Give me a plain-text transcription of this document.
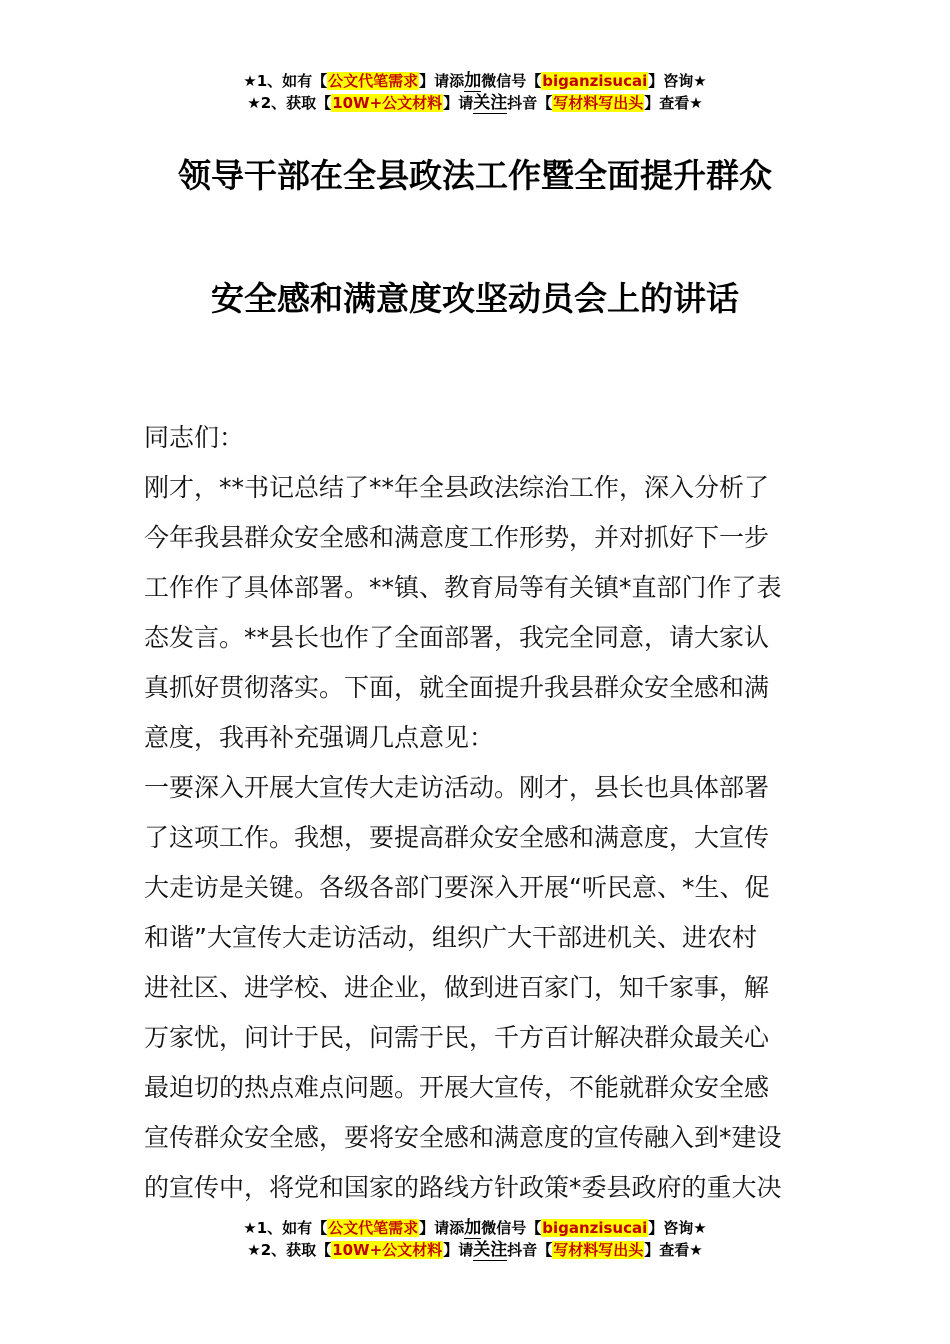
★1、如有【公文代笔需求】请添加微信号【biganzisucai】咨询★
★2、获取【10W+公文材料】请关注抖音【写材料写出头】查看★
领导干部在全县政法工作暨全面提升群众
安全感和满意度攻坚动员会上的讲话
同志们：
刚才，**书记总结了**年全县政法综治工作，深入分析了
今年我县群众安全感和满意度工作形势，并对抓好下一步
工作作了具体部署。**镇、教育局等有关镇*直部门作了表
态发言。**县长也作了全面部署，我完全同意，请大家认
真抓好贯彻落实。下面，就全面提升我县群众安全感和满
意度，我再补充强调几点意见：
一要深入开展大宣传大走访活动。刚才，县长也具体部署
了这项工作。我想，要提高群众安全感和满意度，大宣传
大走访是关键。各级各部门要深入开展“听民意、*生、促
和谐”大宣传大走访活动，组织广大干部进机关、进农村
进社区、进学校、进企业，做到进百家门，知千家事，解
万家忧，问计于民，问需于民，千方百计解决群众最关心
最迫切的热点难点问题。开展大宣传，不能就群众安全感
宣传群众安全感，要将安全感和满意度的宣传融入到*建设
的宣传中，将党和国家的路线方针政策*委县政府的重大决
★1、如有【公文代笔需求】请添加微信号【biganzisucai】咨询★
★2、获取【10W+公文材料】请关注抖音【写材料写出头】查看★
